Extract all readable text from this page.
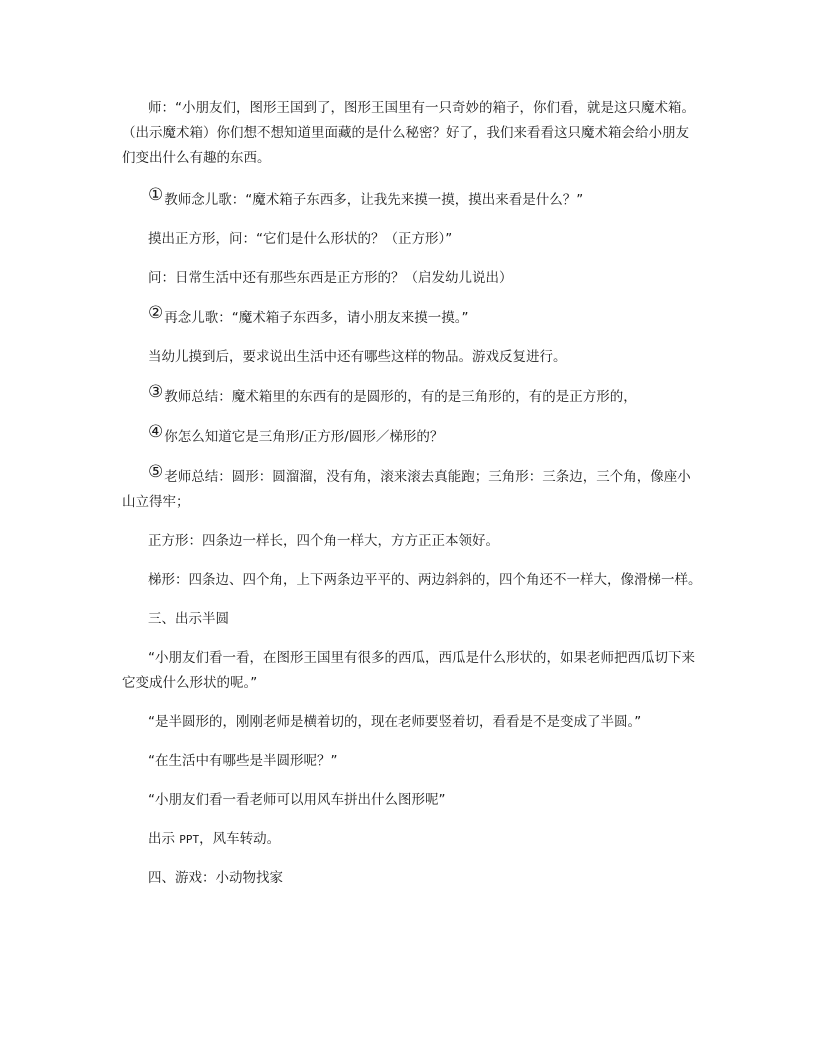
师：“小朋友们，图形王国到了，图形王国里有一只奇妙的箱子，你们看，就是这只魔术箱。（出示魔术箱）你们想不想知道里面藏的是什么秘密？好了，我们来看看这只魔术箱会给小朋友们变出什么有趣的东西。

①教师念儿歌：“魔术箱子东西多，让我先来摸一摸，摸出来看是什么？”

摸出正方形，问：“它们是什么形状的？（正方形）”

问：日常生活中还有那些东西是正方形的？（启发幼儿说出）

②再念儿歌：“魔术箱子东西多，请小朋友来摸一摸。”

当幼儿摸到后，要求说出生活中还有哪些这样的物品。游戏反复进行。

③教师总结：魔术箱里的东西有的是圆形的，有的是三角形的，有的是正方形的，

④你怎么知道它是三角形/正方形/圆形／梯形的？

⑤老师总结：圆形：圆溜溜，没有角，滚来滚去真能跑；三角形：三条边，三个角，像座小山立得牢；

正方形：四条边一样长，四个角一样大，方方正正本领好。

梯形：四条边、四个角，上下两条边平平的、两边斜斜的，四个角还不一样大，像滑梯一样。

三、出示半圆

“小朋友们看一看，在图形王国里有很多的西瓜，西瓜是什么形状的，如果老师把西瓜切下来它变成什么形状的呢。”

“是半圆形的，刚刚老师是横着切的，现在老师要竖着切，看看是不是变成了半圆。”

“在生活中有哪些是半圆形呢？”

“小朋友们看一看老师可以用风车拼出什么图形呢”

出示 PPT，风车转动。

四、游戏：小动物找家
